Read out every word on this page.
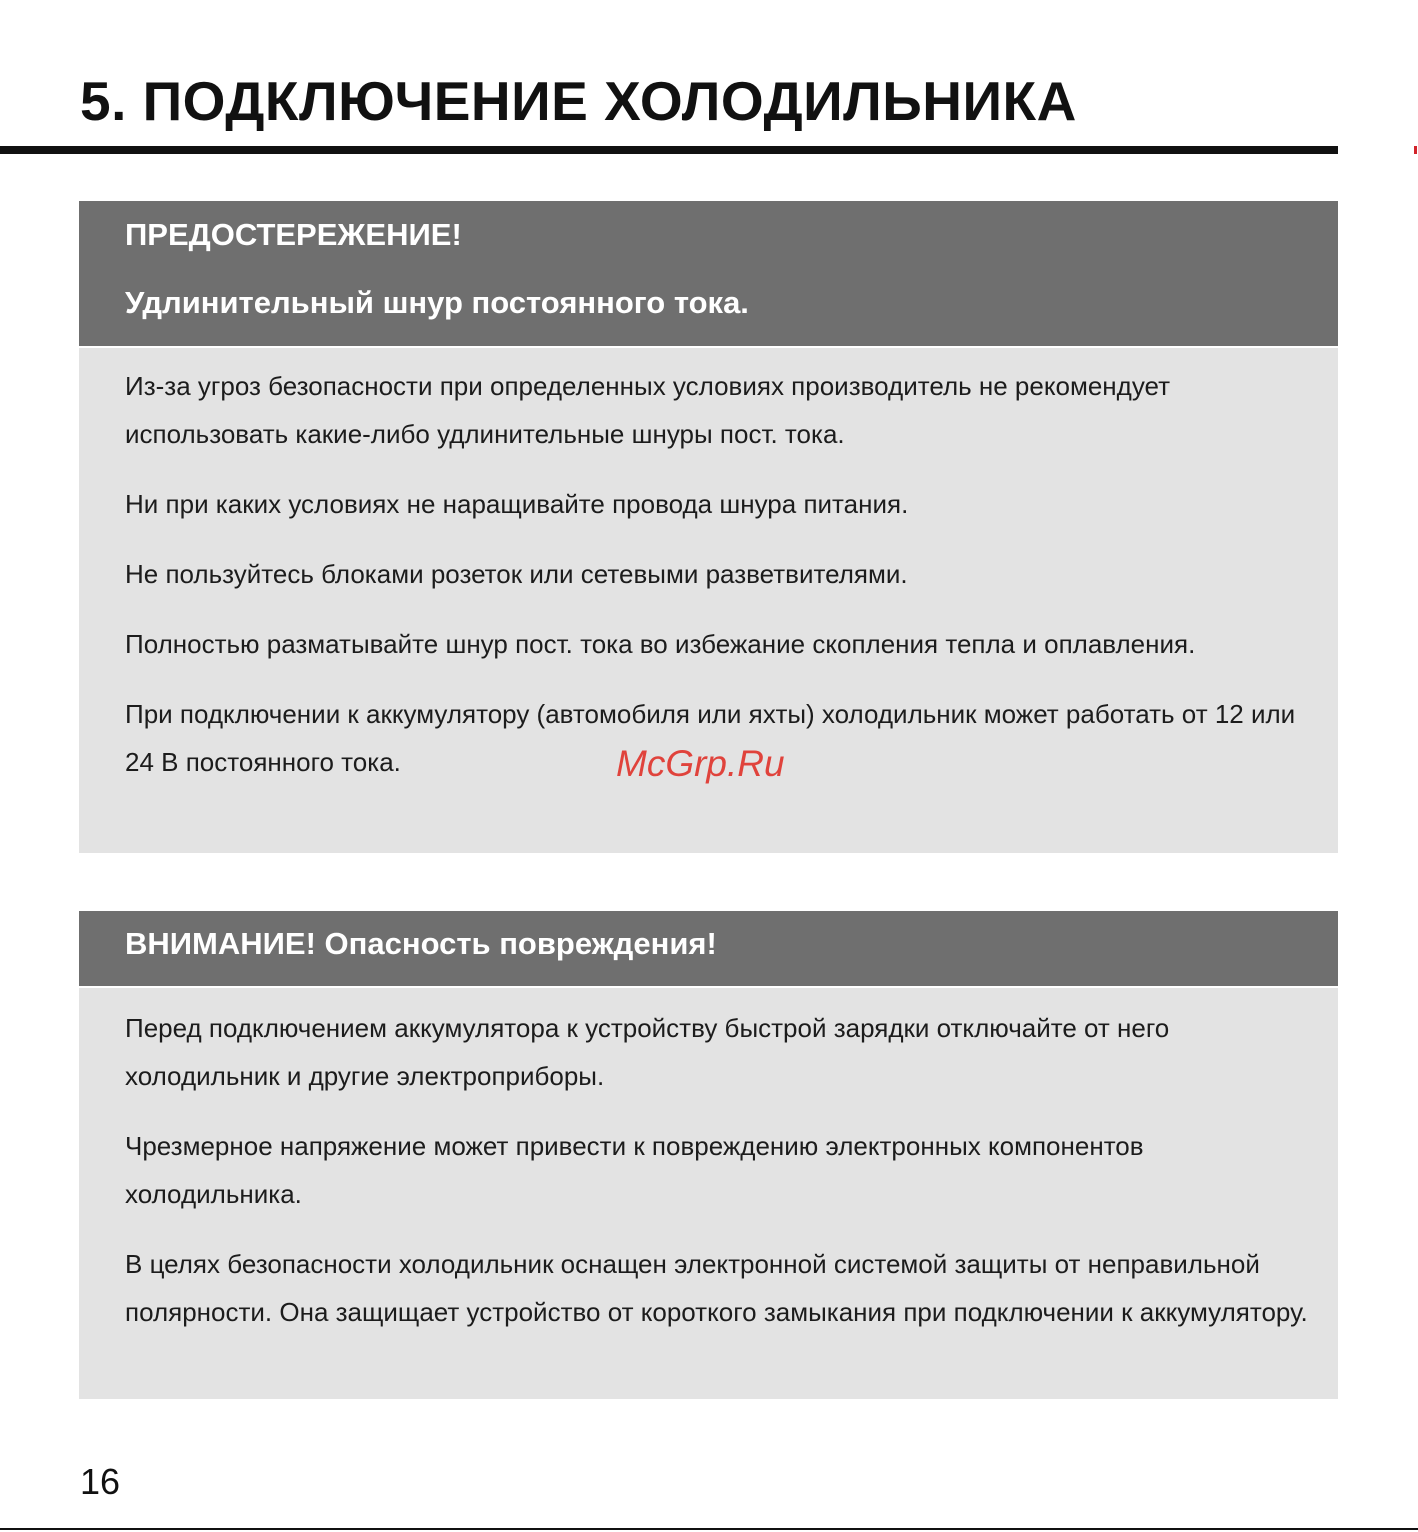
5. ПОДКЛЮЧЕНИЕ ХОЛОДИЛЬНИКА
ПРЕДОСТЕРЕЖЕНИЕ!
Удлинительный шнур постоянного тока.

Из-за угроз безопасности при определенных условиях производитель не рекомендует использовать какие-либо удлинительные шнуры пост. тока.

Ни при каких условиях не наращивайте провода шнура питания.

Не пользуйтесь блоками розеток или сетевыми разветвителями.

Полностью разматывайте шнур пост. тока во избежание скопления тепла и оплавления.

При подключении к аккумулятору (автомобиля или яхты) холодильник может работать от 12 или 24 В постоянного тока.	McGrp.Ru
ВНИМАНИЕ! Опасность повреждения!

Перед подключением аккумулятора к устройству быстрой зарядки отключайте от него холодильник и другие электроприборы.

Чрезмерное напряжение может привести к повреждению электронных компонентов холодильника.

В целях безопасности холодильник оснащен электронной системой защиты от неправильной полярности. Она защищает устройство от короткого замыкания при подключении к аккумулятору.

16
